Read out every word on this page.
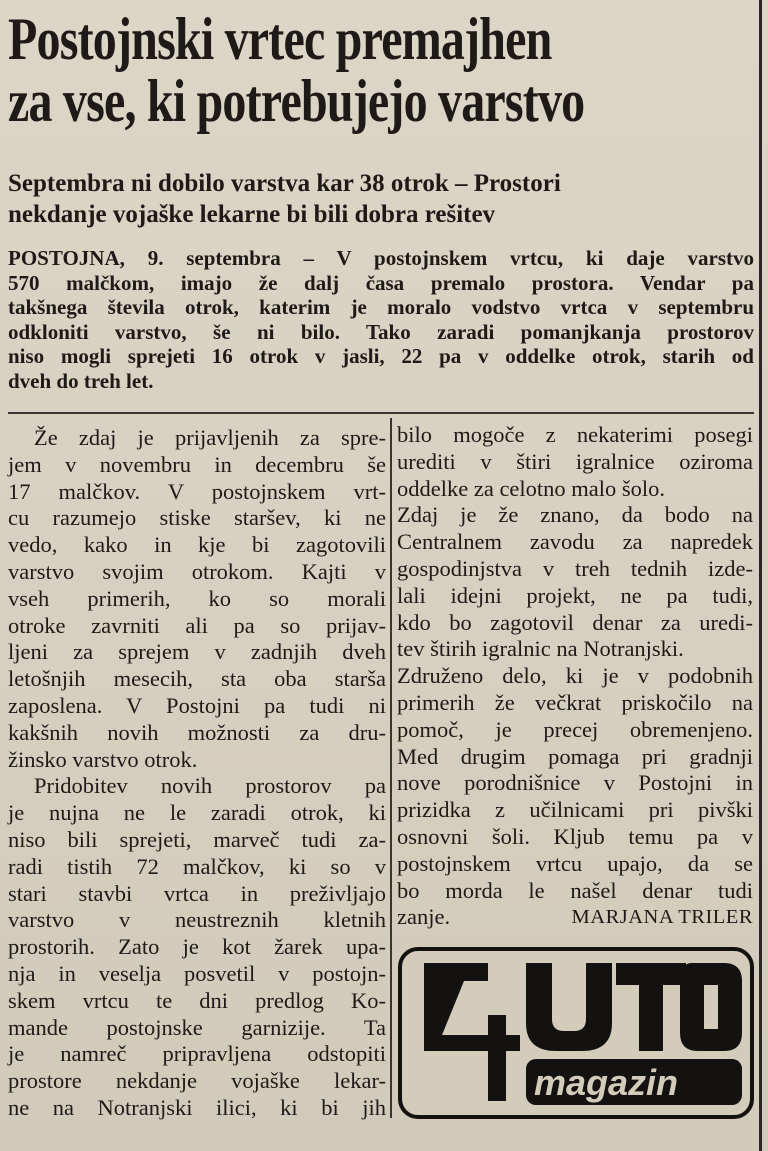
Postojnski vrtec premajhen
za vse, ki potrebujejo varstvo
Septembra ni dobilo varstva kar 38 otrok – Prostori
nekdanje vojaške lekarne bi bili dobra rešitev
POSTOJNA, 9. septembra – V postojnskem vrtcu, ki daje varstvo
570 malčkom, imajo že dalj časa premalo prostora. Vendar pa
takšnega števila otrok, katerim je moralo vodstvo vrtca v septembru
odkloniti varstvo, še ni bilo. Tako zaradi pomanjkanja prostorov
niso mogli sprejeti 16 otrok v jasli, 22 pa v oddelke otrok, starih od
dveh do treh let.
Že zdaj je prijavljenih za spre-
jem v novembru in decembru še
17 malčkov. V postojnskem vrt-
cu razumejo stiske staršev, ki ne
vedo, kako in kje bi zagotovili
varstvo svojim otrokom. Kajti v
vseh primerih, ko so morali
otroke zavrniti ali pa so prijav-
ljeni za sprejem v zadnjih dveh
letošnjih mesecih, sta oba starša
zaposlena. V Postojni pa tudi ni
kakšnih novih možnosti za dru-
žinsko varstvo otrok.
Pridobitev novih prostorov pa
je nujna ne le zaradi otrok, ki
niso bili sprejeti, marveč tudi za-
radi tistih 72 malčkov, ki so v
stari stavbi vrtca in preživljajo
varstvo v neustreznih kletnih
prostorih. Zato je kot žarek upa-
nja in veselja posvetil v postojn-
skem vrtcu te dni predlog Ko-
mande postojnske garnizije. Ta
je namreč pripravljena odstopiti
prostore nekdanje vojaške lekar-
ne na Notranjski ilici, ki bi jih
bilo mogoče z nekaterimi posegi
urediti v štiri igralnice oziroma
oddelke za celotno malo šolo.
Zdaj je že znano, da bodo na
Centralnem zavodu za napredek
gospodinjstva v treh tednih izde-
lali idejni projekt, ne pa tudi,
kdo bo zagotovil denar za uredi-
tev štirih igralnic na Notranjski.
Združeno delo, ki je v podobnih
primerih že večkrat priskočilo na
pomoč, je precej obremenjeno.
Med drugim pomaga pri gradnji
nove porodnišnice v Postojni in
prizidka z učilnicami pri pivški
osnovni šoli. Kljub temu pa v
postojnskem vrtcu upajo, da se
bo morda le našel denar tudi
zanje.	MARJANA TRILER
magazin
